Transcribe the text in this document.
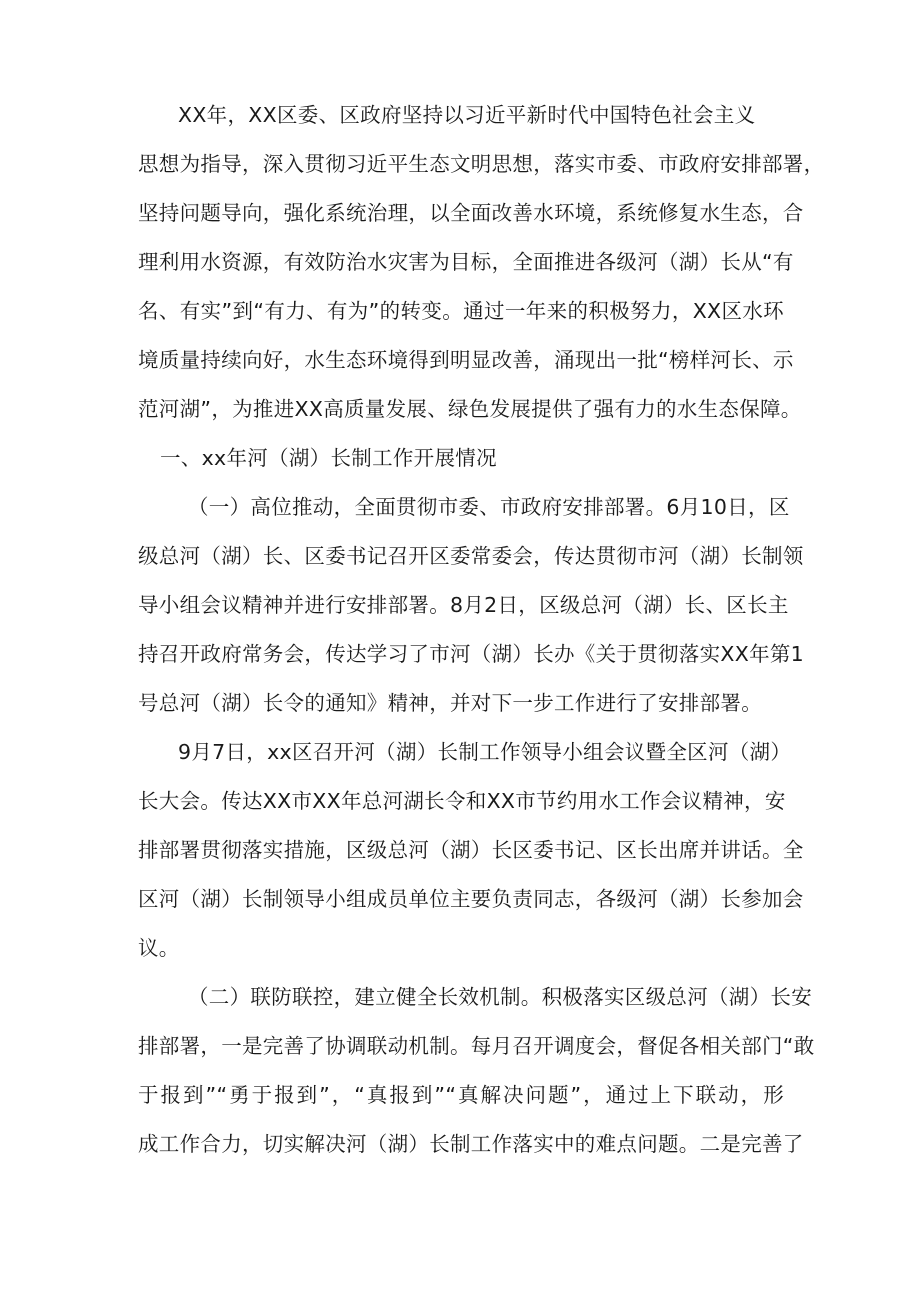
XX年，XX区委、区政府坚持以习近平新时代中国特色社会主义
思想为指导，深入贯彻习近平生态文明思想，落实市委、市政府安排部署，
坚持问题导向，强化系统治理，以全面改善水环境，系统修复水生态，合
理利用水资源，有效防治水灾害为目标，全面推进各级河（湖）长从“有
名、有实”到“有力、有为”的转变。通过一年来的积极努力，XX区水环
境质量持续向好，水生态环境得到明显改善，涌现出一批“榜样河长、示
范河湖”，为推进XX高质量发展、绿色发展提供了强有力的水生态保障。
一、xx年河（湖）长制工作开展情况
（一）高位推动，全面贯彻市委、市政府安排部署。6月10日，区
级总河（湖）长、区委书记召开区委常委会，传达贯彻市河（湖）长制领
导小组会议精神并进行安排部署。8月2日，区级总河（湖）长、区长主
持召开政府常务会，传达学习了市河（湖）长办《关于贯彻落实XX年第1
号总河（湖）长令的通知》精神，并对下一步工作进行了安排部署。
9月7日，xx区召开河（湖）长制工作领导小组会议暨全区河（湖）
长大会。传达XX市XX年总河湖长令和XX市节约用水工作会议精神，安
排部署贯彻落实措施，区级总河（湖）长区委书记、区长出席并讲话。全
区河（湖）长制领导小组成员单位主要负责同志，各级河（湖）长参加会
议。
（二）联防联控，建立健全长效机制。积极落实区级总河（湖）长安
排部署，一是完善了协调联动机制。每月召开调度会，督促各相关部门“敢
于报到”“勇于报到”，“真报到”“真解决问题”，通过上下联动，形
成工作合力，切实解决河（湖）长制工作落实中的难点问题。二是完善了
